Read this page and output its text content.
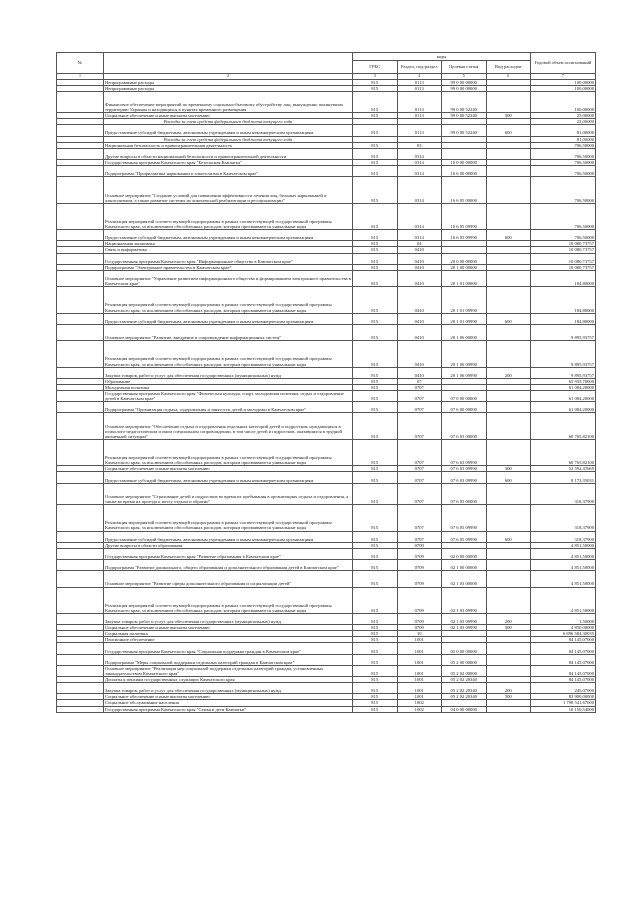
№		коды				Годовой объем ассигнований
		ГРБС	Раздел, под-раздел	Целевая статья	Вид расходов	
1	2	3	4	5	6	7
	Непрограммные расходы	815	0113	99 0 00 00000		100,00000
	Непрограммные расходы	815	0113	99 0 00 00000		100,00000
	Финансовое обеспечение мероприятий по временному социально-бытовому обустройству лиц, вынужденно покинувших территорию Украины и находящихся в пунктах временного размещения	815	0113	99 0 00 52240		100,00000
	Социальное обеспечение и иные выплаты населению	815	0113	99 0 00 52240	300	25,00000
	Расходы за счет средств федерального бюджета текущего года					25,00000
	Предоставление субсидий бюджетным, автономным учреждениям и иным некоммерческим организациям	815	0113	99 0 00 52240	600	81,00000
	Расходы за счет средств федерального бюджета текущего года					81,00000
	Национальная безопасность и правоохранительная деятельность	815	03			706,50000
	Другие вопросы в области национальной безопасности и правоохранительной деятельности	815	0314			706,50000
	Государственная программа Камчатского края "Безопасная Камчатка"	815	0314	16 0 00 00000		706,50000
	Подпрограмма "Профилактика наркомании и алкоголизма в Камчатском крае"	815	0314	16 6 00 00000		706,50000
	Основное мероприятие "Создание условий для повышения эффективности лечения лиц, больных наркоманией и алкоголизмом, а также развитие системы их комплексной реабилитации и ресоциализации"	815	0314	16 6 05 00000		706,50000
	Реализация мероприятий соответствующей подпрограммы в рамках соответствующей государственной программы Камчатского края, за исключением обособленных расходов, которым присваиваются уникальные коды	815	0314	16 6 05 09990		706,50000
	Предоставление субсидий бюджетным, автономным учреждениям и иным некоммерческим организациям	815	0314	16 6 05 09990	600	706,50000
	Национальная экономика	815	04			10 080,73757
	Связь и информатика	815	0410			10 080,73757
	Государственная программа Камчатского края "Информационное общество в Камчатском крае"	815	0410	20 0 00 00000		10 080,73757
	Подпрограмма "Электронное правительство в Камчатском крае"	815	0410	20 1 00 00000		10 080,73757
	Основное мероприятие "Управление развитием информационного общества и формированием электронного правительства в Камчатском крае"	815	0410	20 1 01 00000		184,80000
	Реализация мероприятий соответствующей подпрограммы в рамках соответствующей государственной программы Камчатского края, за исключением обособленных расходов, которым присваиваются уникальные коды	815	0410	20 1 01 09990		184,80000
	Предоставление субсидий бюджетным, автономным учреждениям и иным некоммерческим организациям	815	0410	20 1 01 09990	600	184,80000
	Основное мероприятие "Развитие, внедрение и сопровождение информационных систем"	815	0410	20 1 06 00000		9 895,93757
	Реализация мероприятий соответствующей подпрограммы в рамках соответствующей государственной программы Камчатского края, за исключением обособленных расходов, которым присваиваются уникальные коды	815	0410	20 1 06 09990		9 895,93757
	Закупка товаров, работ и услуг для обеспечения государственных (муниципальных) нужд	815	0410	20 1 06 09990	200	9 895,93757
	Образование	815	07			65 935,70000
	Молодежная политика	815	0707			61 084,20000
	Государственная программа Камчатского края "Физическая культура, спорт, молодежная политика, отдых и оздоровление детей в Камчатском крае"	815	0707	07 0 00 00000		61 084,20000
	Подпрограмма "Организация отдыха, оздоровления и занятости детей и молодежи в Камчатском крае"	815	0707	07 6 00 00000		61 084,20000
	Основное мероприятие "Обеспечение отдыха и оздоровления отдельных категорий детей и подростков, нуждающихся в психолого-педагогическом и ином специальном сопровождении, в том числе детей и подростков, оказавшихся в трудной жизненной ситуации"	815	0707	07 6 03 00000		60 765,82100
	Реализация мероприятий соответствующей подпрограммы в рамках соответствующей государственной программы Камчатского края, за исключением обособленных расходов, которым присваиваются уникальные коды	815	0707	07 6 03 09990		60 765,82100
	Социальное обеспечение и иные выплаты населению	815	0707	07 6 03 09990	300	52 592,47669
	Предоставление субсидий бюджетным, автономным учреждениям и иным некоммерческим организациям	815	0707	07 6 03 09990	600	8 173,35031
	Основное мероприятие "Страхование детей и подростков во время их пребывания в организациях отдыха и оздоровления, а также во время их проезда к месту отдыха и обратно"	815	0707	07 6 05 00000		318,37900
	Реализация мероприятий соответствующей подпрограммы в рамках соответствующей государственной программы Камчатского края, за исключением обособленных расходов, которым присваиваются уникальные коды	815	0707	07 6 05 09990		318,37900
	Предоставление субсидий бюджетным, автономным учреждениям и иным некоммерческим организациям	815	0707	07 6 05 09990	600	318,37900
	Другие вопросы в области образования	815	0709			4 851,50000
	Государственная программа Камчатского края "Развитие образования в Камчатском крае"	815	0709	02 0 00 00000		4 851,50000
	Подпрограмма "Развитие дошкольного, общего образования и дополнительного образования детей в Камчатском крае"	815	0709	02 1 00 00000		4 851,50000
	Основное мероприятие "Развитие сферы дополнительного образования и социализации детей"	815	0709	02 1 03 00000		4 851,50000
	Реализация мероприятий соответствующей подпрограммы в рамках соответствующей государственной программы Камчатского края, за исключением обособленных расходов, которым присваиваются уникальные коды	815	0709	02 1 03 09990		4 851,50000
	Закупка товаров, работ и услуг для обеспечения государственных (муниципальных) нужд	815	0709	02 1 03 09990	200	1,50000
	Социальное обеспечение и иные выплаты населению	815	0709	02 1 03 09990	300	4 850,00000
	Социальная политика	815	10			6 896 584,30035
	Пенсионное обеспечение	815	1001			84 145,07000
	Государственная программа Камчатского края "Социальная поддержка граждан в Камчатском крае"	815	1001	05 0 00 00000		84 145,07000
	Подпрограмма "Меры социальной поддержки отдельных категорий граждан в Камчатском крае"	815	1001	05 2 00 00000		84 145,07000
	Основное мероприятие "Реализация мер социальной поддержки отдельных категорий граждан, установленных законодательством Камчатского края"	815	1001	05 2 02 00000		84 145,07000
	Доплаты к пенсиям государственных служащих Камчатского края	815	1001	05 2 02 20340		84 145,07000
	Закупка товаров, работ и услуг для обеспечения государственных (муниципальных) нужд	815	1001	05 2 02 20340	200	245,07000
	Социальное обеспечение и иные выплаты населению	815	1001	05 2 02 20340	300	83 900,00000
	Социальное обслуживание населения	815	1002			1 798 541,67000
	Государственная программа Камчатского края "Семья и дети Камчатки"	815	1002	04 0 00 00000		10 150,54000
